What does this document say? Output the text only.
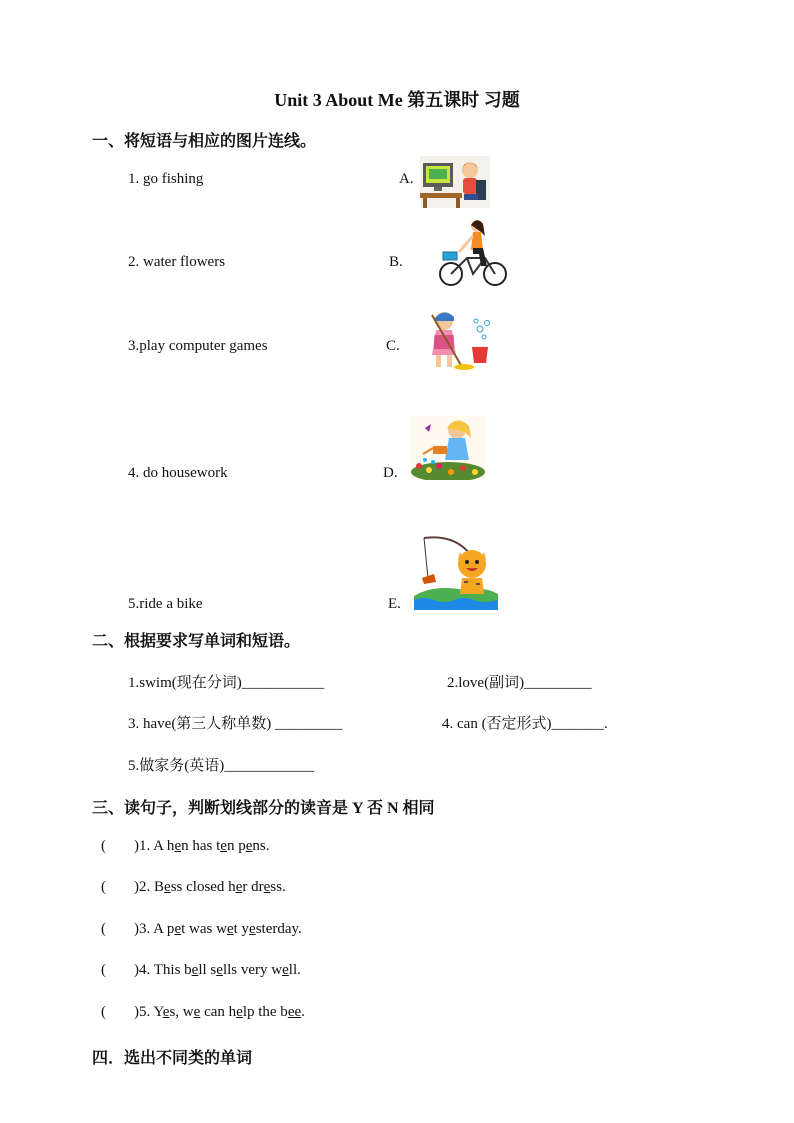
Unit 3 About Me 第五课时 习题
一、将短语与相应的图片连线。
1. go fishing	A.
2. water flowers	B.
3.play computer games	C.
4. do housework	D.
5.ride a bike	E.
二、根据要求写单词和短语。
1.swim(现在分词)___________	2.love(副词)_________
3. have(第三人称单数) _________	4. can (否定形式)_______.
5.做家务(英语)____________
三、读句子，判断划线部分的读音是 Y 否 N 相同
( )1. A hen has ten pens.
( )2. Bess closed her dress.
( )3. A pet was wet yesterday.
( )4. This bell sells very well.
( )5. Yes, we can help the bee.
四．选出不同类的单词
